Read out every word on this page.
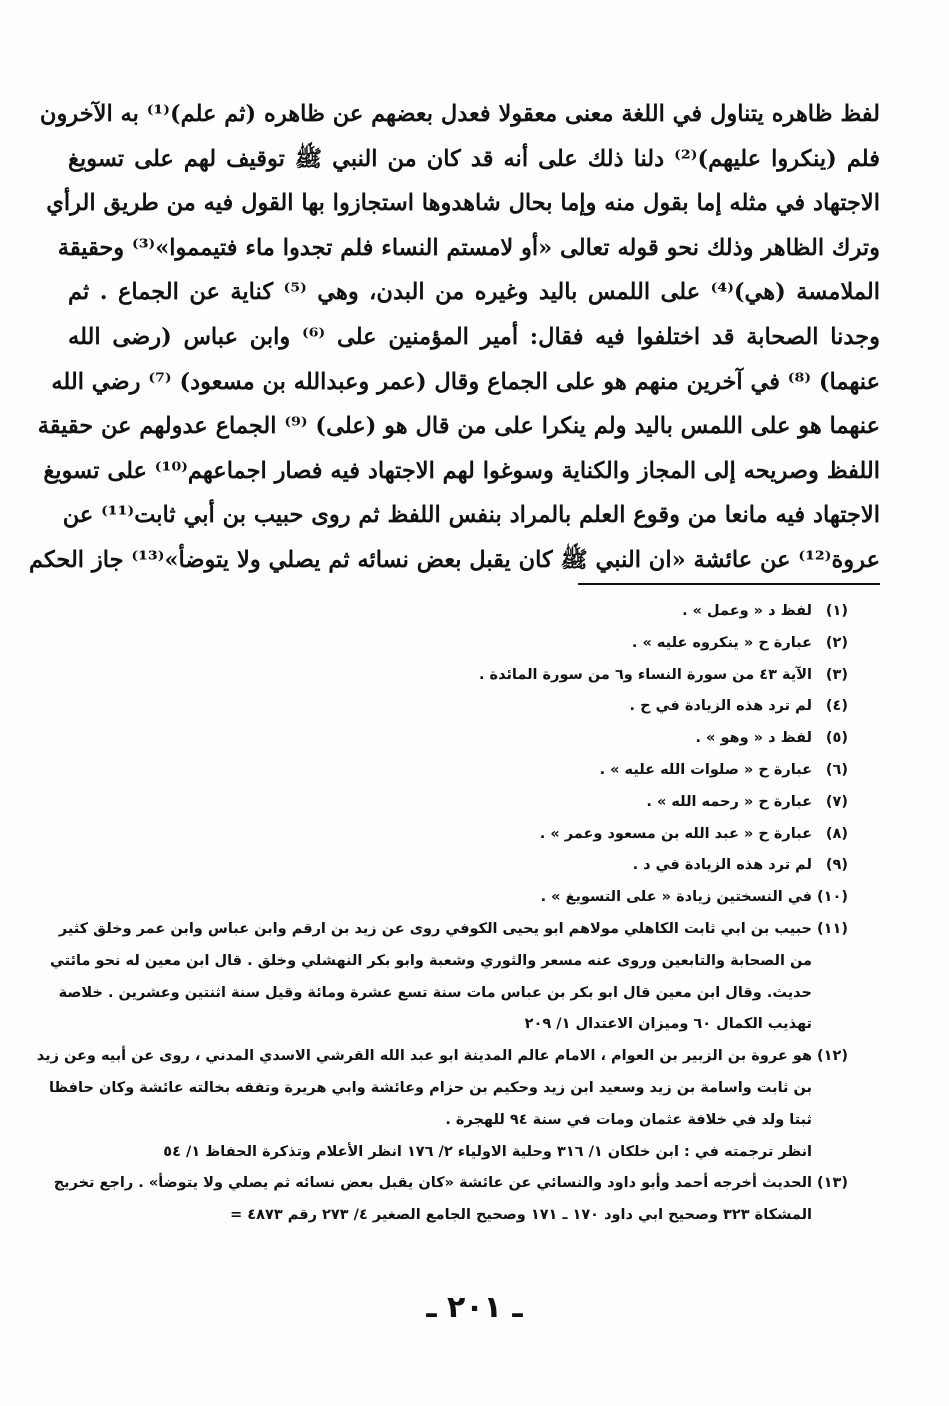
لفظ ظاهره يتناول في اللغة معنى معقولا فعدل بعضهم عن ظاهره (ثم علم)⁽¹⁾ به الآخرون
فلم (ينكروا عليهم)⁽²⁾ دلنا ذلك على أنه قد كان من النبي ﷺ توقيف لهم على تسويغ
الاجتهاد في مثله إما بقول منه وإما بحال شاهدوها استجازوا بها القول فيه من طريق الرأي
وترك الظاهر وذلك نحو قوله تعالى «أو لامستم النساء فلم تجدوا ماء فتيمموا»⁽³⁾ وحقيقة
الملامسة (هي)⁽⁴⁾ على اللمس باليد وغيره من البدن، وهي ⁽⁵⁾ كناية عن الجماع . ثم
وجدنا الصحابة قد اختلفوا فيه فقال: أمير المؤمنين على ⁽⁶⁾ وابن عباس (رضى الله
عنهما) ⁽⁸⁾ في آخرين منهم هو على الجماع وقال (عمر وعبدالله بن مسعود) ⁽⁷⁾ رضي الله
عنهما هو على اللمس باليد ولم ينكرا على من قال هو (على) ⁽⁹⁾ الجماع عدولهم عن حقيقة
اللفظ وصريحه إلى المجاز والكناية وسوغوا لهم الاجتهاد فيه فصار اجماعهم⁽¹⁰⁾ على تسويغ
الاجتهاد فيه مانعا من وقوع العلم بالمراد بنفس اللفظ ثم روى حبيب بن أبي ثابت⁽¹¹⁾ عن
عروة⁽¹²⁾ عن عائشة «ان النبي ﷺ كان يقبل بعض نسائه ثم يصلي ولا يتوضأ»⁽¹³⁾ جاز الحكم
(١)لفظ د « وعمل » .
(٢)عبارة ح « ينكروه عليه » .
(٣)الآية ٤٣ من سورة النساء و٦ من سورة المائدة .
(٤)لم ترد هذه الزيادة في ح .
(٥)لفظ د « وهو » .
(٦)عبارة ح « صلوات الله عليه » .
(٧)عبارة ح « رحمه الله » .
(٨)عبارة ح « عبد الله بن مسعود وعمر » .
(٩)لم ترد هذه الزيادة في د .
(١٠)في النسختين زيادة « على التسويغ » .
(١١)حبيب بن ابي ثابت الكاهلي مولاهم ابو يحيى الكوفي روى عن زيد بن ارقم وابن عباس وابن عمر وخلق كثير
من الصحابة والتابعين وروى عنه مسعر والثوري وشعبة وابو بكر النهشلي وخلق . قال ابن معين له نحو مائتي
حديث. وقال ابن معين قال ابو بكر بن عباس مات سنة تسع عشرة ومائة وقيل سنة اثنتين وعشرين . خلاصة
تهذيب الكمال ٦٠ وميزان الاعتدال ١/ ٢٠٩
(١٢)هو عروة بن الزبير بن العوام ، الامام عالم المدينة ابو عبد الله القرشي الاسدي المدني ، روى عن أبيه وعن زيد
بن ثابت واسامة بن زيد وسعيد ابن زيد وحكيم بن حزام وعائشة وابي هريرة وتفقه بخالته عائشة وكان حافظا
ثبتا ولد في خلافة عثمان ومات في سنة ٩٤ للهجرة .
انظر ترجمته في : ابن خلكان ١/ ٣١٦ وحلية الاولياء ٢/ ١٧٦ انظر الأعلام وتذكرة الحفاظ ١/ ٥٤
(١٣)الحديث أخرجه أحمد وأبو داود والنسائي عن عائشة «كان يقبل بعض نسائه ثم يصلي ولا يتوضأ» . راجع تخريج
المشكاة ٣٢٣ وصحيح ابي داود ١٧٠ ـ ١٧١ وصحيح الجامع الصغير ٤/ ٢٧٣ رقم ٤٨٧٣ =
ـ ٢٠١ ـ
